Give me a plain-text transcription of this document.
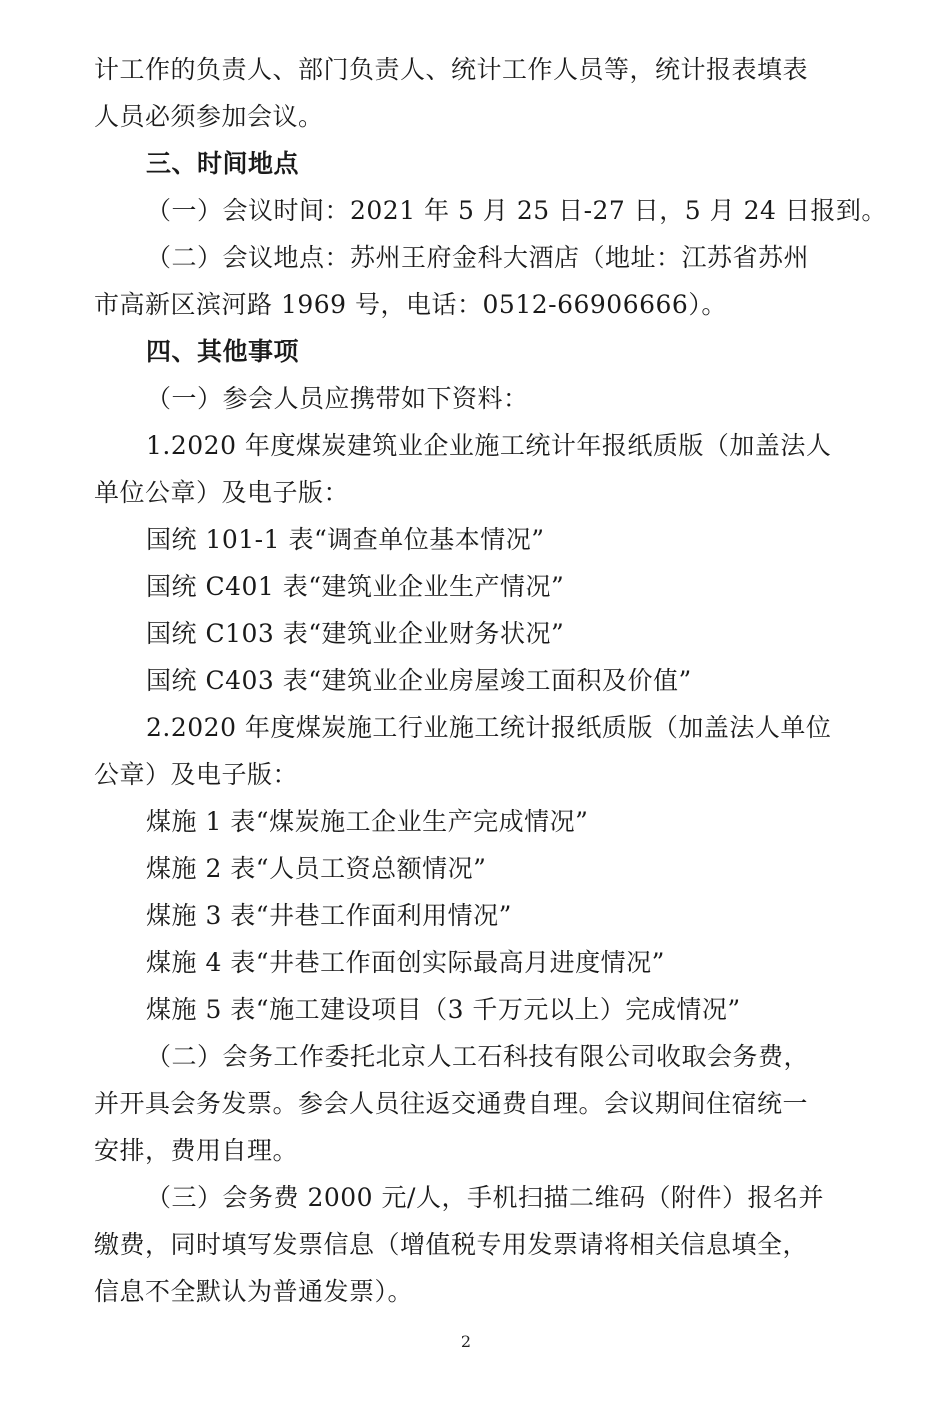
计工作的负责人、部门负责人、统计工作人员等，统计报表填表
人员必须参加会议。
三、时间地点
（一）会议时间：2021 年 5 月 25 日-27 日，5 月 24 日报到。
（二）会议地点：苏州王府金科大酒店（地址：江苏省苏州
市高新区滨河路 1969 号，电话：0512-66906666）。
四、其他事项
（一）参会人员应携带如下资料：
1.2020 年度煤炭建筑业企业施工统计年报纸质版（加盖法人
单位公章）及电子版：
国统 101-1 表“调查单位基本情况”
国统 C401 表“建筑业企业生产情况”
国统 C103 表“建筑业企业财务状况”
国统 C403 表“建筑业企业房屋竣工面积及价值”
2.2020 年度煤炭施工行业施工统计报纸质版（加盖法人单位
公章）及电子版：
煤施 1 表“煤炭施工企业生产完成情况”
煤施 2 表“人员工资总额情况”
煤施 3 表“井巷工作面利用情况”
煤施 4 表“井巷工作面创实际最高月进度情况”
煤施 5 表“施工建设项目（3 千万元以上）完成情况”
（二）会务工作委托北京人工石科技有限公司收取会务费，
并开具会务发票。参会人员往返交通费自理。会议期间住宿统一
安排，费用自理。
（三）会务费 2000 元/人，手机扫描二维码（附件）报名并
缴费，同时填写发票信息（增值税专用发票请将相关信息填全，
信息不全默认为普通发票）。
2
